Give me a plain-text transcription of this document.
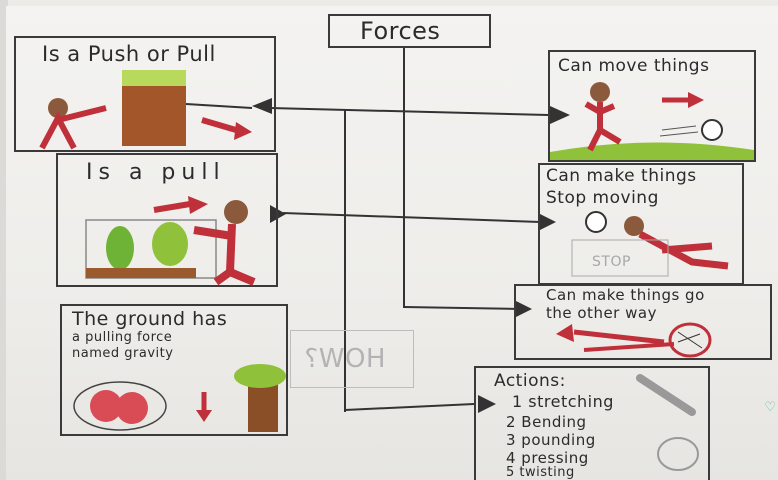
Forces
Is a Push or Pull
Is a pull
The ground has
a pulling force
named gravity	HOW?
Can move things
Can make things
Stop moving
STOP
Can make things go
the other way
Actions:
1 stretching
2 Bending
3 pounding
4 pressing
5 twisting
♡
